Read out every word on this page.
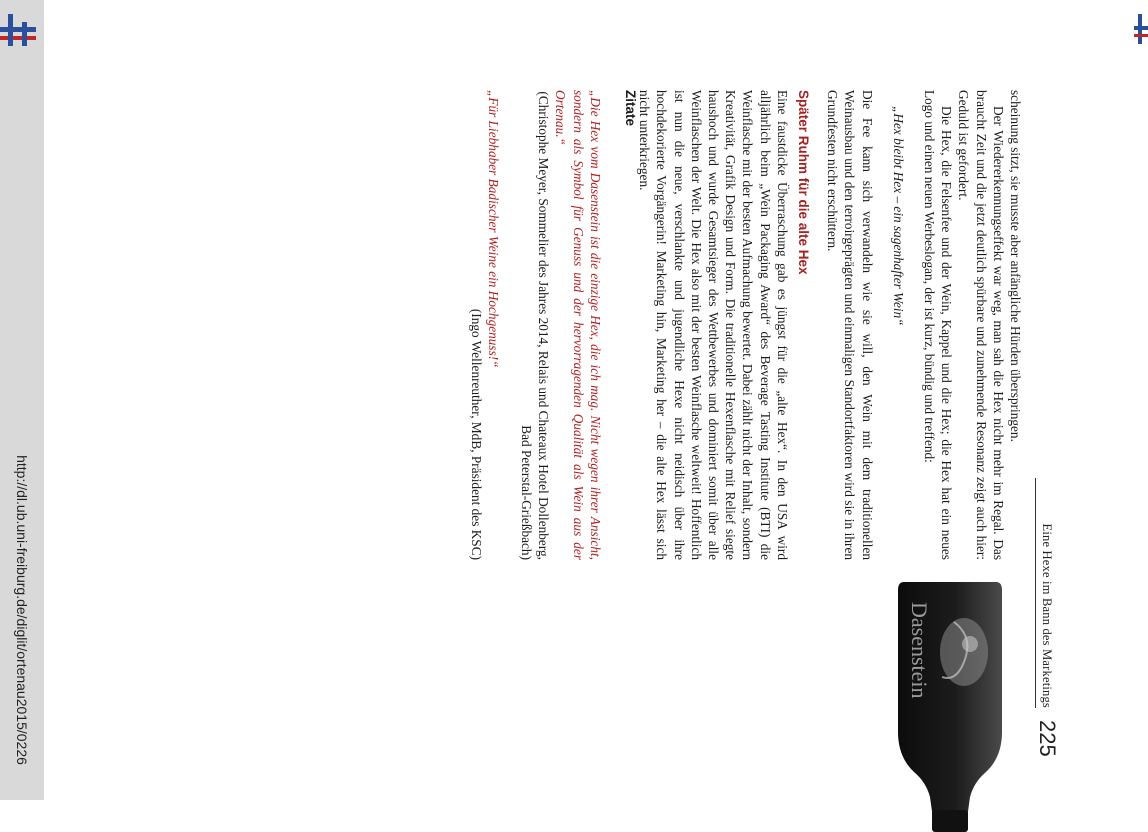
http://dl.ub.uni-freiburg.de/diglit/ortenau2015/0226	225
Eine Hexe im Bann des Marketings

scheinung sitzt, sie musste aber anfängliche Hürden überspringen.

Der Wiedererkennungseffekt war weg, man sah die Hex nicht mehr im Regal. Das braucht Zeit und die jetzt deutlich spürbare und zunehmende Resonanz zeigt auch hier: Geduld ist gefordert.

Die Hex, die Felsenfee und der Wein, Kappel und die Hex; die Hex hat ein neues Logo und einen neuen Werbeslogan, der ist kurz, bündig und treffend:

„Hex bleibt Hex – ein sagenhafter Wein“

Die Fee kann sich verwandeln wie sie will, den Wein mit dem traditionellen Weinausbau und den terroirgeprägten und einmaligen Standortfaktoren wird sie in ihren Grundfesten nicht erschüttern.

Später Ruhm für die alte Hex

Eine faustdicke Überraschung gab es jüngst für die „alte Hex“. In den USA wird alljährlich beim „Wein Packaging Award“ des Beverage Tasting Institute (BTI) die Weinflasche mit der besten Aufmachung bewertet. Dabei zählt nicht der Inhalt, sondern Kreativität, Grafik Design und Form. Die traditionelle Hexenflasche mit Relief siegte haushoch und wurde Gesamtsieger des Wettbewerbes und dominiert somit über alle Weinflaschen der Welt. Die Hex also mit der besten Weinflasche weltweit! Hoffentlich ist nun die neue, verschlankte und jugendliche Hexe nicht neidisch über ihre hochdekorierte Vorgängerin! Marketing hin, Marketing her – die alte Hex lässt sich nicht unterkriegen.

Zitate

„Die Hex vom Dasenstein ist die einzige Hex, die ich mag. Nicht wegen ihrer Ansicht, sondern als Symbol für Genuss und der hervorragenden Qualität als Wein aus der Ortenau.“

(Christophe Meyer, Sommelier des Jahres 2014, Relais und Chateaux Hotel Dollenberg, Bad Peterstal-Grießbach)

„Für Liebhaber Badischer Weine ein Hochgenuss!“

(Ingo Wellenreuther, MdB, Präsident des KSC)

Dasenstein
